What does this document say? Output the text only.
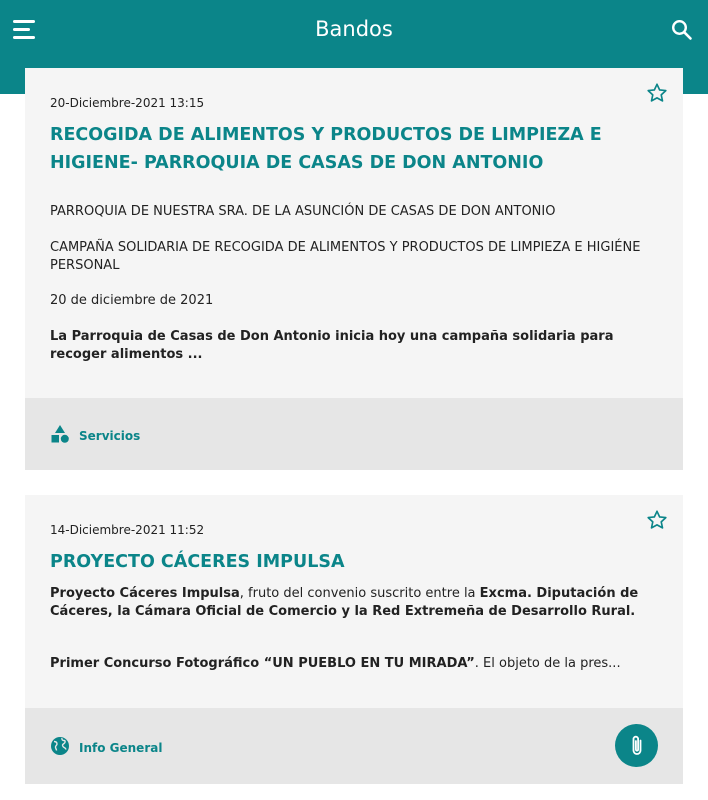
Bandos
20-Diciembre-2021 13:15
RECOGIDA DE ALIMENTOS Y PRODUCTOS DE LIMPIEZA E HIGIENE- PARROQUIA DE CASAS DE DON ANTONIO
PARROQUIA DE NUESTRA SRA. DE LA ASUNCIÓN DE CASAS DE DON ANTONIO
CAMPAÑA SOLIDARIA DE RECOGIDA DE ALIMENTOS Y PRODUCTOS DE LIMPIEZA E HIGIÉNE PERSONAL
20 de diciembre de 2021
La Parroquia de Casas de Don Antonio inicia hoy una campaña solidaria para recoger alimentos ...
Servicios
14-Diciembre-2021 11:52
PROYECTO CÁCERES IMPULSA
Proyecto Cáceres Impulsa, fruto del convenio suscrito entre la Excma. Diputación de Cáceres, la Cámara Oficial de Comercio y la Red Extremeña de Desarrollo Rural.
Primer Concurso Fotográfico “UN PUEBLO EN TU MIRADA”. El objeto de la pres...
Info General
